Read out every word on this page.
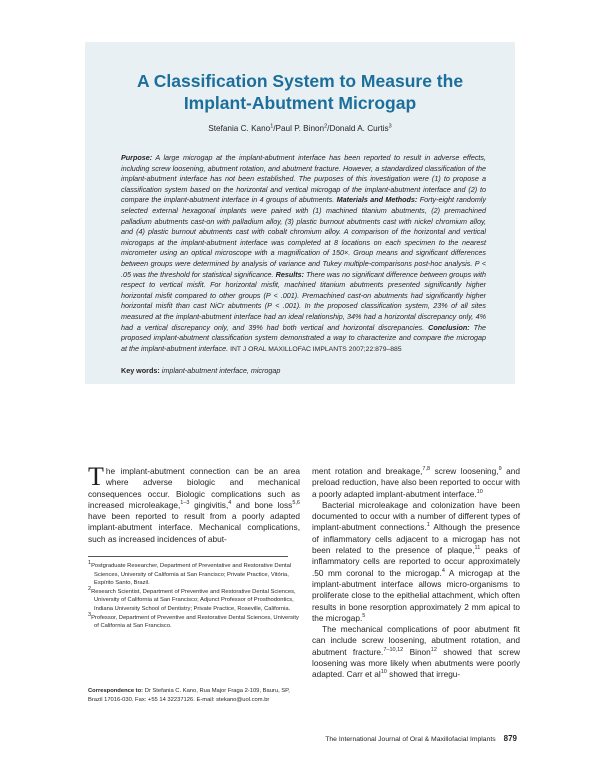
A Classification System to Measure the
Implant-Abutment Microgap
Stefania C. Kano$^1$/Paul P. Binon$^2$/Donald A. Curtis$^3$
Purpose: A large microgap at the implant-abutment interface has been reported to result in adverse effects, including screw loosening, abutment rotation, and abutment fracture. However, a standardized classification of the implant-abutment interface has not been established. The purposes of this investigation were (1) to propose a classification system based on the horizontal and vertical microgap of the implant-abutment interface and (2) to compare the implant-abutment interface in 4 groups of abutments. Materials and Methods: Forty-eight randomly selected external hexagonal implants were paired with (1) machined titanium abutments, (2) premachined palladium abutments cast-on with palladium alloy, (3) plastic burnout abutments cast with nickel chromium alloy, and (4) plastic burnout abutments cast with cobalt chromium alloy. A comparison of the horizontal and vertical microgaps at the implant-abutment interface was completed at 8 locations on each specimen to the nearest micrometer using an optical microscope with a magnification of 150×. Group means and significant differences between groups were determined by analysis of variance and Tukey multiple-comparisons post-hoc analysis. P < .05 was the threshold for statistical significance. Results: There was no significant difference between groups with respect to vertical misfit. For horizontal misfit, machined titanium abutments presented significantly higher horizontal misfit compared to other groups (P < .001). Premachined cast-on abutments had significantly higher horizontal misfit than cast NiCr abutments (P < .001). In the proposed classification system, 23% of all sites measured at the implant-abutment interface had an ideal relationship, 34% had a horizontal discrepancy only, 4% had a vertical discrepancy only, and 39% had both vertical and horizontal discrepancies. Conclusion: The proposed implant-abutment classification system demonstrated a way to characterize and compare the microgap at the implant-abutment interface. INT J ORAL MAXILLOFAC IMPLANTS 2007;22:879–885
Key words: implant-abutment interface, microgap

The implant-abutment connection can be an area where adverse biologic and mechanical consequences occur. Biologic complications such as increased microleakage,$^{1-3}$ gingivitis,$^4$ and bone loss$^{5,6}$ have been reported to result from a poorly adapted implant-abutment interface. Mechanical complications, such as increased incidences of abut-

$^1$Postgraduate Researcher, Department of Preventative and Restorative Dental Sciences, University of California at San Francisco; Private Practice, Vitória, Espírito Santo, Brazil.

$^2$Research Scientist, Department of Preventive and Restorative Dental Sciences, University of California at San Francisco; Adjunct Professor of Prosthodontics, Indiana University School of Dentistry; Private Practice, Roseville, California.

$^3$Professor, Department of Preventive and Restorative Dental Sciences, University of California at San Francisco.

Correspondence to: Dr Stefania C. Kano, Rua Major Fraga 2-109, Bauru, SP, Brazil 17016-030. Fax: +55 14 32237126. E-mail: stekano@uol.com.br

ment rotation and breakage,$^{7,8}$ screw loosening,$^9$ and preload reduction, have also been reported to occur with a poorly adapted implant-abutment interface.$^{10}$

Bacterial microleakage and colonization have been documented to occur with a number of different types of implant-abutment connections.$^1$ Although the presence of inflammatory cells adjacent to a microgap has not been related to the presence of plaque,$^{11}$ peaks of inflammatory cells are reported to occur approximately .50 mm coronal to the microgap.$^4$ A microgap at the implant-abutment interface allows micro-organisms to proliferate close to the epithelial attachment, which often results in bone resorption approximately 2 mm apical to the microgap.$^5$

The mechanical complications of poor abutment fit can include screw loosening, abutment rotation, and abutment fracture.$^{7-10,12}$ Binon$^{12}$ showed that screw loosening was more likely when abutments were poorly adapted. Carr et $al^{10}$ showed that irregu-

The International Journal of Oral & Maxillofacial Implants 879
